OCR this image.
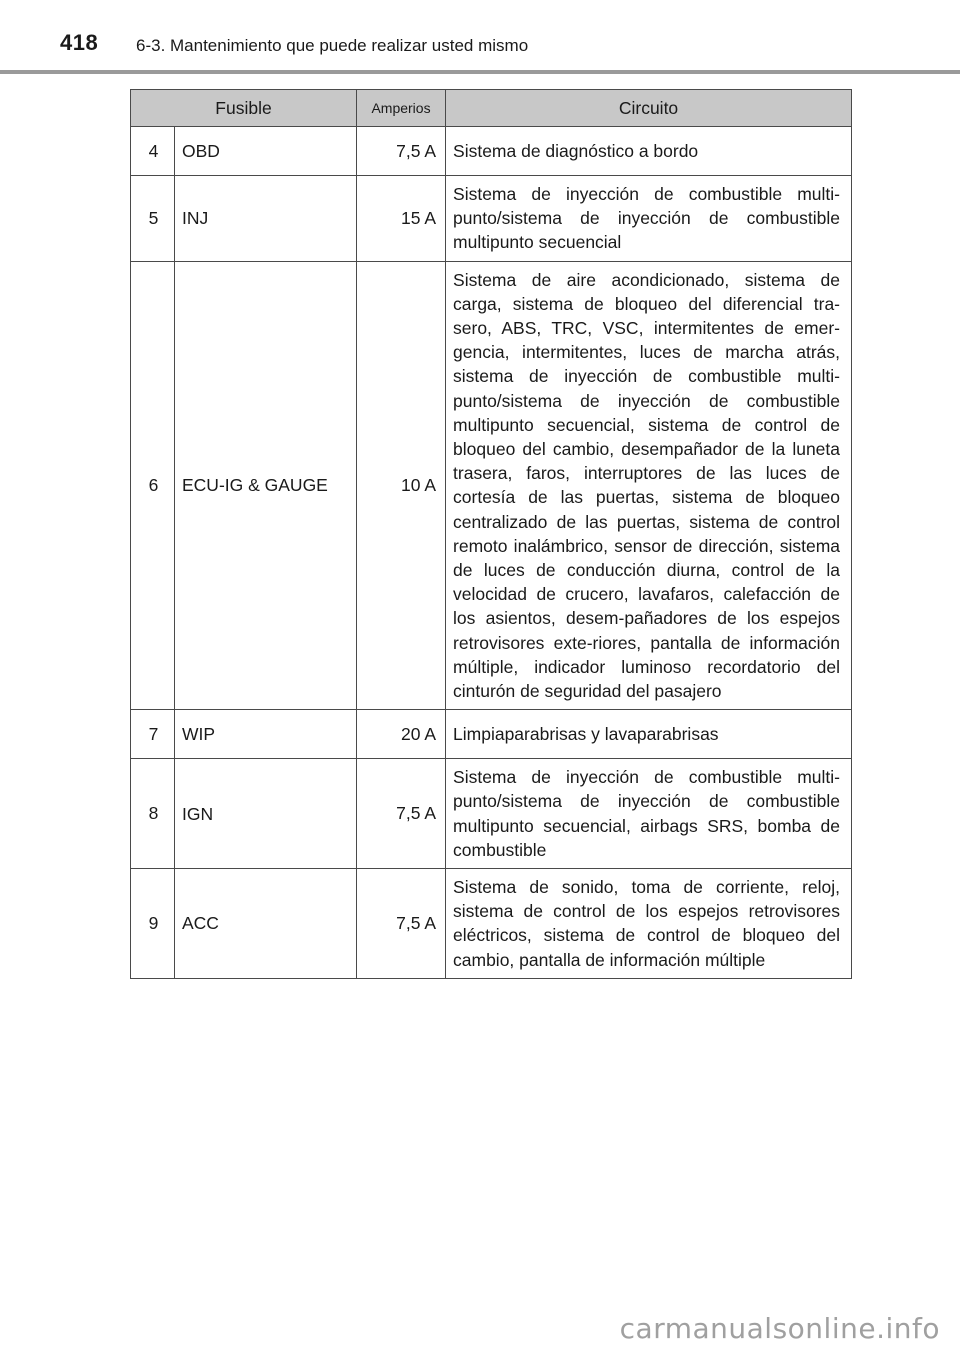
418 6-3. Mantenimiento que puede realizar usted mismo
Fusible		Amperios	Circuito
4	OBD	7,5 A	Sistema de diagnóstico a bordo
5	INJ	15 A	Sistema de inyección de combustible multi-punto/sistema de inyección de combustible multipunto secuencial
6	ECU-IG & GAUGE	10 A	Sistema de aire acondicionado, sistema de carga, sistema de bloqueo del diferencial tra-sero, ABS, TRC, VSC, intermitentes de emer-gencia, intermitentes, luces de marcha atrás, sistema de inyección de combustible multi-punto/sistema de inyección de combustible multipunto secuencial, sistema de control de bloqueo del cambio, desempañador de la luneta trasera, faros, interruptores de las luces de cortesía de las puertas, sistema de bloqueo centralizado de las puertas, sistema de control remoto inalámbrico, sensor de dirección, sistema de luces de conducción diurna, control de la velocidad de crucero, lavafaros, calefacción de los asientos, desem-pañadores de los espejos retrovisores exte-riores, pantalla de información múltiple, indicador luminoso recordatorio del cinturón de seguridad del pasajero
7	WIP	20 A	Limpiaparabrisas y lavaparabrisas
8	IGN	7,5 A	Sistema de inyección de combustible multi-punto/sistema de inyección de combustible multipunto secuencial, airbags SRS, bomba de combustible
9	ACC	7,5 A	Sistema de sonido, toma de corriente, reloj, sistema de control de los espejos retrovisores eléctricos, sistema de control de bloqueo del cambio, pantalla de información múltiple
carmanualsonline.info
